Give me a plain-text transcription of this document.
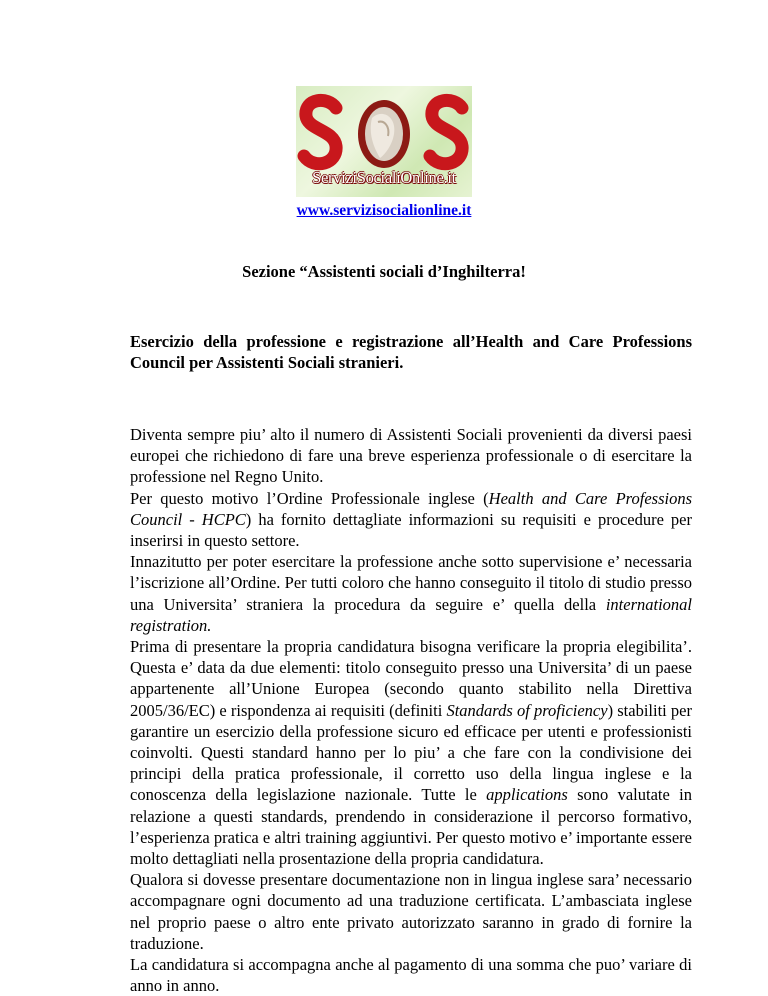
ServiziSocialiOnline.it
www.servizisocialionline.it
Sezione “Assistenti sociali d’Inghilterra!
Esercizio della professione e registrazione all’Health and Care Professions Council per Assistenti Sociali stranieri.

Diventa sempre piu’ alto il numero di Assistenti Sociali provenienti da diversi paesi europei che richiedono di fare una breve esperienza professionale o di esercitare la professione nel Regno Unito.

Per questo motivo l’Ordine Professionale inglese (Health and Care Professions Council - HCPC) ha fornito dettagliate informazioni su requisiti e procedure per inserirsi in questo settore.

Innazitutto per poter esercitare la professione anche sotto supervisione e’ necessaria l’iscrizione all’Ordine. Per tutti coloro che hanno conseguito il titolo di studio presso una Universita’ straniera la procedura da seguire e’ quella della international registration.

Prima di presentare la propria candidatura bisogna verificare la propria elegibilita’. Questa e’ data da due elementi: titolo conseguito presso una Universita’ di un paese appartenente all’Unione Europea (secondo quanto stabilito nella Direttiva 2005/36/EC) e rispondenza ai requisiti (definiti Standards of proficiency) stabiliti per garantire un esercizio della professione sicuro ed efficace per utenti e professionisti coinvolti. Questi standard hanno per lo piu’ a che fare con la condivisione dei principi della pratica professionale, il corretto uso della lingua inglese e la conoscenza della legislazione nazionale. Tutte le applications sono valutate in relazione a questi standards, prendendo in considerazione il percorso formativo, l’esperienza pratica e altri training aggiuntivi. Per questo motivo e’ importante essere molto dettagliati nella prosentazione della propria candidatura.

Qualora si dovesse presentare documentazione non in lingua inglese sara’ necessario accompagnare ogni documento ad una traduzione certificata. L’ambasciata inglese nel proprio paese o altro ente privato autorizzato saranno in grado di fornire la traduzione.

La candidatura si accompagna anche al pagamento di una somma che puo’ variare di anno in anno.
